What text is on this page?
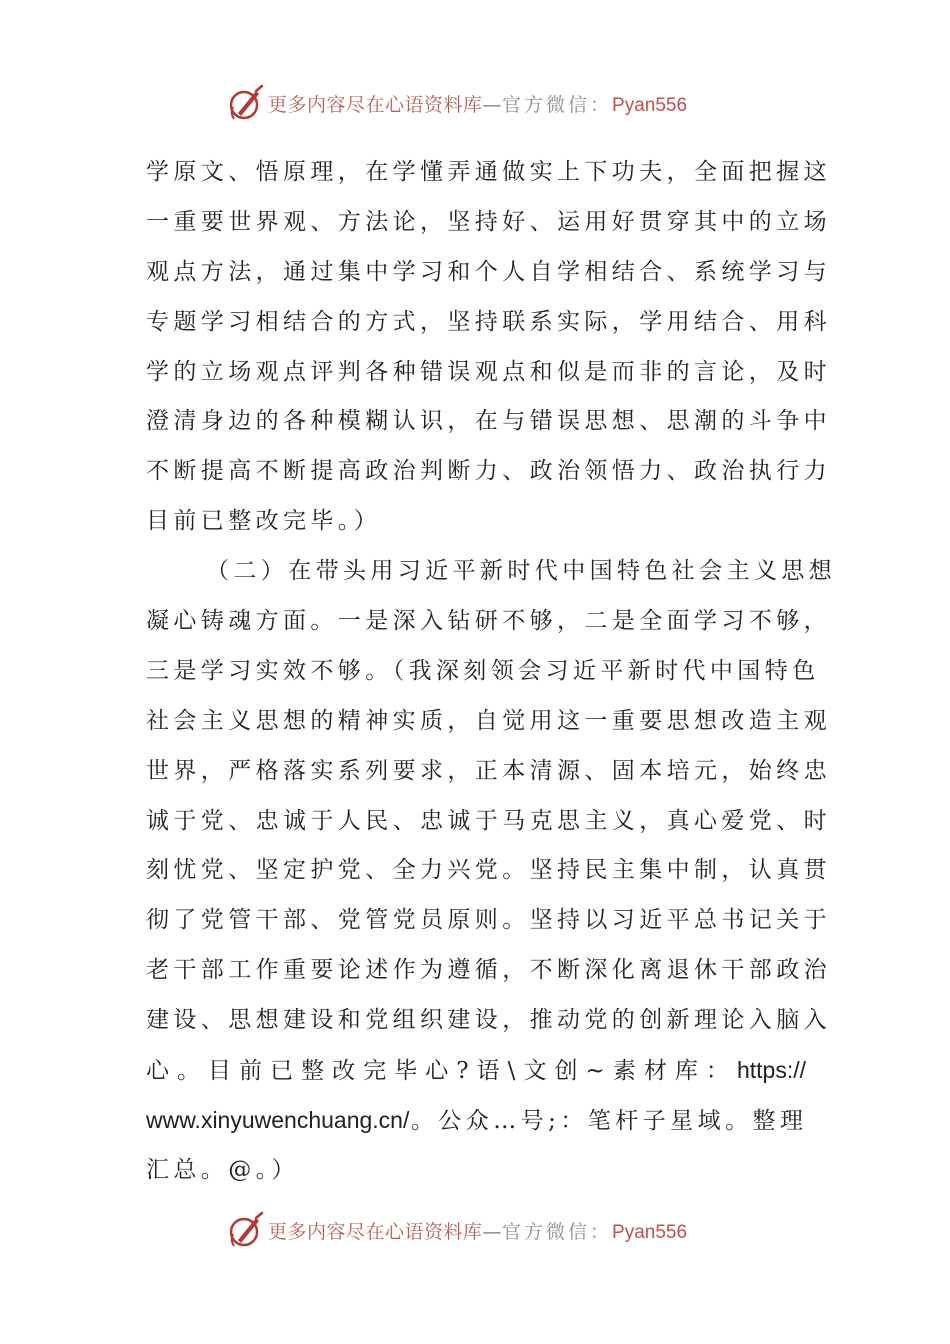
更多内容尽在心语资料库—官方微信：Pyan556
学原文、悟原理，在学懂弄通做实上下功夫，全面把握这
一重要世界观、方法论，坚持好、运用好贯穿其中的立场
观点方法，通过集中学习和个人自学相结合、系统学习与
专题学习相结合的方式，坚持联系实际，学用结合、用科
学的立场观点评判各种错误观点和似是而非的言论，及时
澄清身边的各种模糊认识，在与错误思想、思潮的斗争中
不断提高不断提高政治判断力、政治领悟力、政治执行力
目前已整改完毕。）
（二）在带头用习近平新时代中国特色社会主义思想
凝心铸魂方面。一是深入钻研不够，二是全面学习不够，
三是学习实效不够。（我深刻领会习近平新时代中国特色
社会主义思想的精神实质，自觉用这一重要思想改造主观
世界，严格落实系列要求，正本清源、固本培元，始终忠
诚于党、忠诚于人民、忠诚于马克思主义，真心爱党、时
刻忧党、坚定护党、全力兴党。坚持民主集中制，认真贯
彻了党管干部、党管党员原则。坚持以习近平总书记关于
老干部工作重要论述作为遵循，不断深化离退休干部政治
建设、思想建设和党组织建设，推动党的创新理论入脑入
心。目前已整改完毕心?语\文创~素材库：https://
www.xinyuwenchuang.cn/。公众…号;：笔杆子星域。整理
汇总。@。）
更多内容尽在心语资料库—官方微信：Pyan556
